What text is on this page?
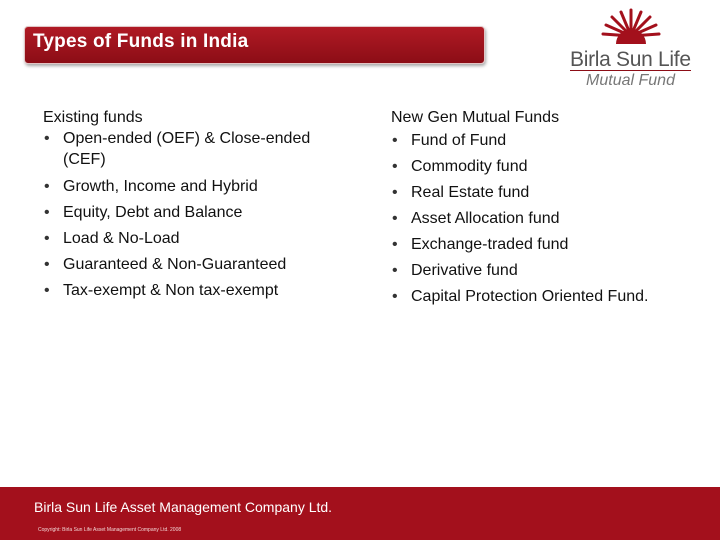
Types of Funds in India
Birla Sun Life
Mutual Fund
Existing funds
• Open-ended (OEF) & Close-ended (CEF)
• Growth, Income and Hybrid
• Equity, Debt and Balance
• Load & No-Load
• Guaranteed & Non-Guaranteed
• Tax-exempt & Non tax-exempt
New Gen Mutual Funds
• Fund of Fund
• Commodity fund
• Real Estate fund
• Asset Allocation fund
• Exchange-traded fund
• Derivative fund
• Capital Protection Oriented Fund.
Birla Sun Life Asset Management Company Ltd.
Copyright: Birla Sun Life Asset Management Company Ltd. 2008
